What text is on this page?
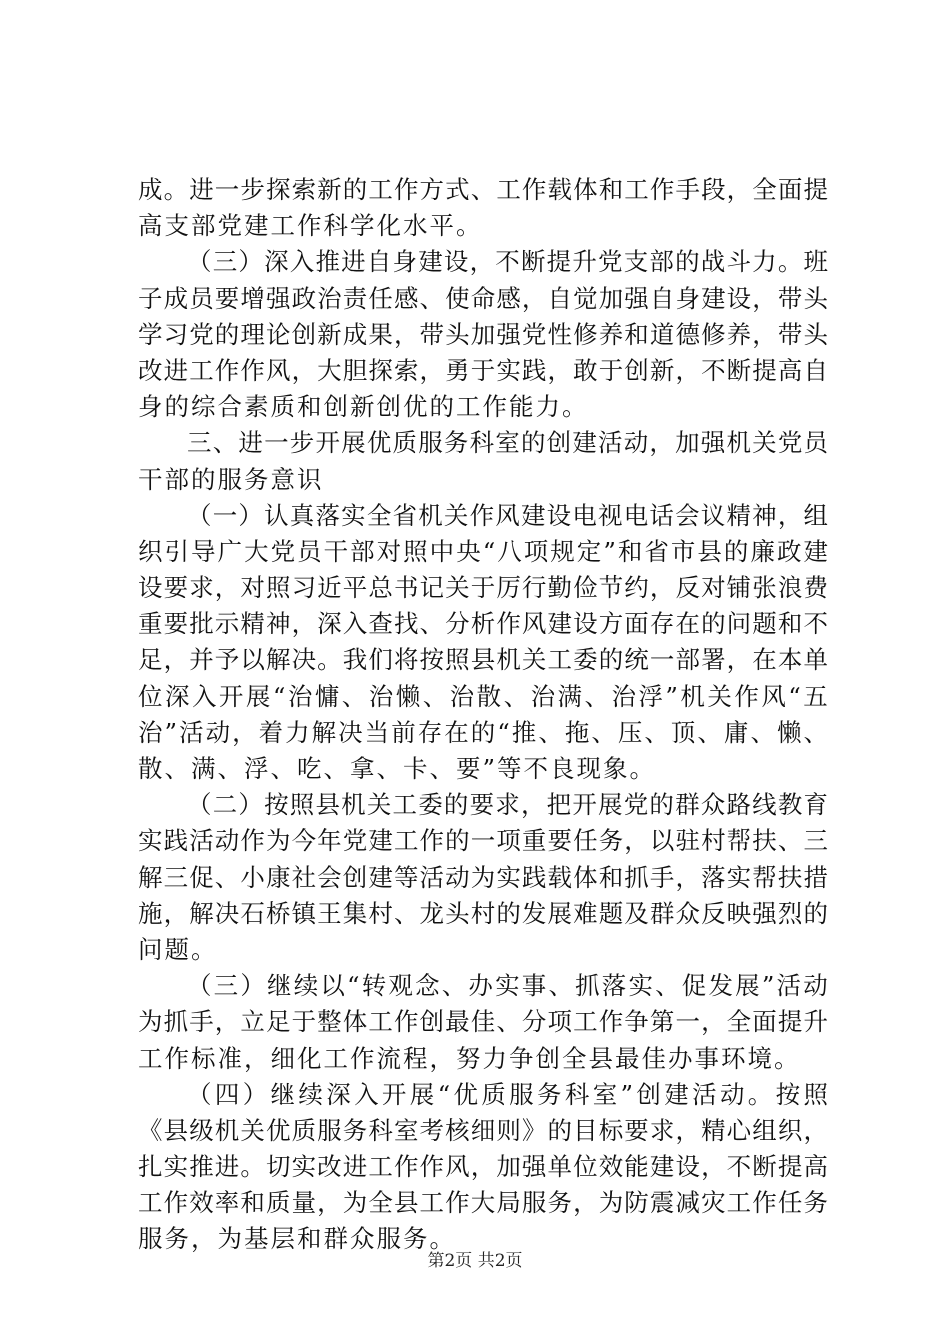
成 。 进 一 步 探 索 新 的 工 作 方 式 、 工 作 载 体 和 工 作 手 段 ， 全 面 提
高支部党建工作科学化水平。
（ 三 ） 深 入 推 进 自 身 建 设 ， 不 断 提 升 党 支 部 的 战 斗 力 。 班
子 成 员 要 增 强 政 治 责 任 感 、 使 命 感 ， 自 觉 加 强 自 身 建 设 ， 带 头
学 习 党 的 理 论 创 新 成 果 ， 带 头 加 强 党 性 修 养 和 道 德 修 养 ， 带 头
改 进 工 作 作 风 ， 大 胆 探 索 ， 勇 于 实 践 ， 敢 于 创 新 ， 不 断 提 高 自
身的综合素质和创新创优的工作能力。
三 、 进 一 步 开 展 优 质 服 务 科 室 的 创 建 活 动 ， 加 强 机 关 党 员
干部的服务意识
（ 一 ） 认 真 落 实 全 省 机 关 作 风 建 设 电 视 电 话 会 议 精 神 ， 组
织 引 导 广 大 党 员 干 部 对 照 中 央 “ 八 项 规 定 ” 和 省 市 县 的 廉 政 建
设 要 求 ， 对 照 习 近 平 总 书 记 关 于 厉 行 勤 俭 节 约 ， 反 对 铺 张 浪 费
重 要 批 示 精 神 ， 深 入 查 找 、 分 析 作 风 建 设 方 面 存 在 的 问 题 和 不
足 ， 并 予 以 解 决 。 我 们 将 按 照 县 机 关 工 委 的 统 一 部 署 ， 在 本 单
位 深 入 开 展 “ 治 慵 、 治 懒 、 治 散 、 治 满 、 治 浮 ” 机 关 作 风 “ 五
治 ” 活 动 ， 着 力 解 决 当 前 存 在 的 “ 推 、 拖 、 压 、 顶 、 庸 、 懒 、
散、满、浮、吃、拿、卡、要”等不良现象。
（ 二 ） 按 照 县 机 关 工 委 的 要 求 ， 把 开 展 党 的 群 众 路 线 教 育
实 践 活 动 作 为 今 年 党 建 工 作 的 一 项 重 要 任 务 ， 以 驻 村 帮 扶 、 三
解 三 促 、 小 康 社 会 创 建 等 活 动 为 实 践 载 体 和 抓 手 ， 落 实 帮 扶 措
施 ， 解 决 石 桥 镇 王 集 村 、 龙 头 村 的 发 展 难 题 及 群 众 反 映 强 烈 的
问题。
（ 三 ） 继 续 以 “ 转 观 念 、 办 实 事 、 抓 落 实 、 促 发 展 ” 活 动
为 抓 手 ， 立 足 于 整 体 工 作 创 最 佳 、 分 项 工 作 争 第 一 ， 全 面 提 升
工作标准，细化工作流程，努力争创全县最佳办事环境。
（ 四 ） 继 续 深 入 开 展 “ 优 质 服 务 科 室 ” 创 建 活 动 。 按 照
《 县 级 机 关 优 质 服 务 科 室 考 核 细 则 》 的 目 标 要 求 ， 精 心 组 织 ，
扎 实 推 进 。 切 实 改 进 工 作 作 风 ， 加 强 单 位 效 能 建 设 ， 不 断 提 高
工 作 效 率 和 质 量 ， 为 全 县 工 作 大 局 服 务 ， 为 防 震 减 灾 工 作 任 务
服务，为基层和群众服务。
第2页 共2页
